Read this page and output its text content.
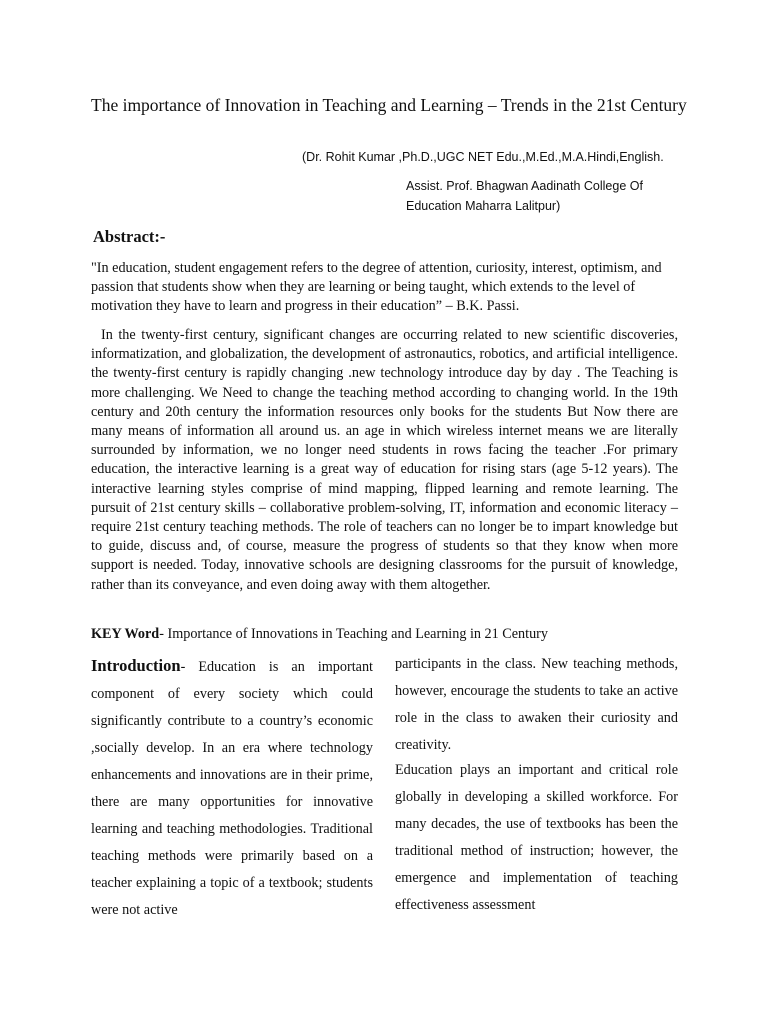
The importance of Innovation in Teaching and Learning – Trends in the 21st Century

(Dr. Rohit Kumar ,Ph.D.,UGC NET Edu.,M.Ed.,M.A.Hindi,English.

Assist. Prof. Bhagwan Aadinath College Of Education Maharra Lalitpur)

Abstract:-

"In education, student engagement refers to the degree of attention, curiosity, interest, optimism, and passion that students show when they are learning or being taught, which extends to the level of motivation they have to learn and progress in their education” – B.K. Passi.

In the twenty-first century, significant changes are occurring related to new scientific discoveries, informatization, and globalization, the development of astronautics, robotics, and artificial intelligence. the twenty-first century is rapidly changing .new technology introduce day by day . The Teaching is more challenging. We Need to change the teaching method according to changing world. In the 19th century and 20th century the information resources only books for the students But Now there are many means of information all around us. an age in which wireless internet means we are literally surrounded by information, we no longer need students in rows facing the teacher .For primary education, the interactive learning is a great way of education for rising stars (age 5-12 years). The interactive learning styles comprise of mind mapping, flipped learning and remote learning. The pursuit of 21st century skills – collaborative problem-solving, IT, information and economic literacy – require 21st century teaching methods. The role of teachers can no longer be to impart knowledge but to guide, discuss and, of course, measure the progress of students so that they know when more support is needed. Today, innovative schools are designing classrooms for the pursuit of knowledge, rather than its conveyance, and even doing away with them altogether.

KEY Word- Importance of Innovations in Teaching and Learning in 21 Century

Introduction- Education is an important component of every society which could significantly contribute to a country’s economic ,socially develop. In an era where technology enhancements and innovations are in their prime, there are many opportunities for innovative learning and teaching methodologies. Traditional teaching methods were primarily based on a teacher explaining a topic of a textbook; students were not active

participants in the class. New teaching methods, however, encourage the students to take an active role in the class to awaken their curiosity and creativity.

Education plays an important and critical role globally in developing a skilled workforce. For many decades, the use of textbooks has been the traditional method of instruction; however, the emergence and implementation of teaching effectiveness assessment
